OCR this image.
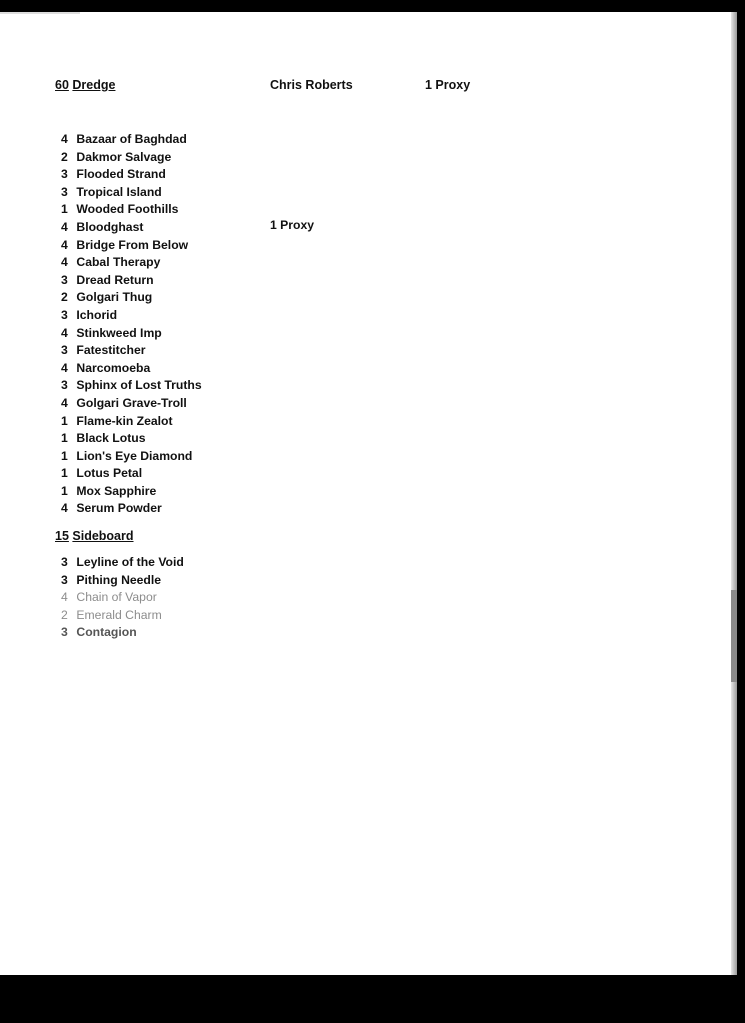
60 Dredge	Chris Roberts	1 Proxy
4 Bazaar of Baghdad
2 Dakmor Salvage
3 Flooded Strand
3 Tropical Island
1 Wooded Foothills
4 Bloodghast
4 Bridge From Below
4 Cabal Therapy
3 Dread Return
2 Golgari Thug
3 Ichorid
4 Stinkweed Imp
3 Fatestitcher
4 Narcomoeba
3 Sphinx of Lost Truths
4 Golgari Grave-Troll
1 Flame-kin Zealot
1 Black Lotus
1 Lion's Eye Diamond
1 Lotus Petal
1 Mox Sapphire
4 Serum Powder
1 Proxy
15 Sideboard
3 Leyline of the Void
3 Pithing Needle
4 Chain of Vapor
2 Emerald Charm
3 Contagion
